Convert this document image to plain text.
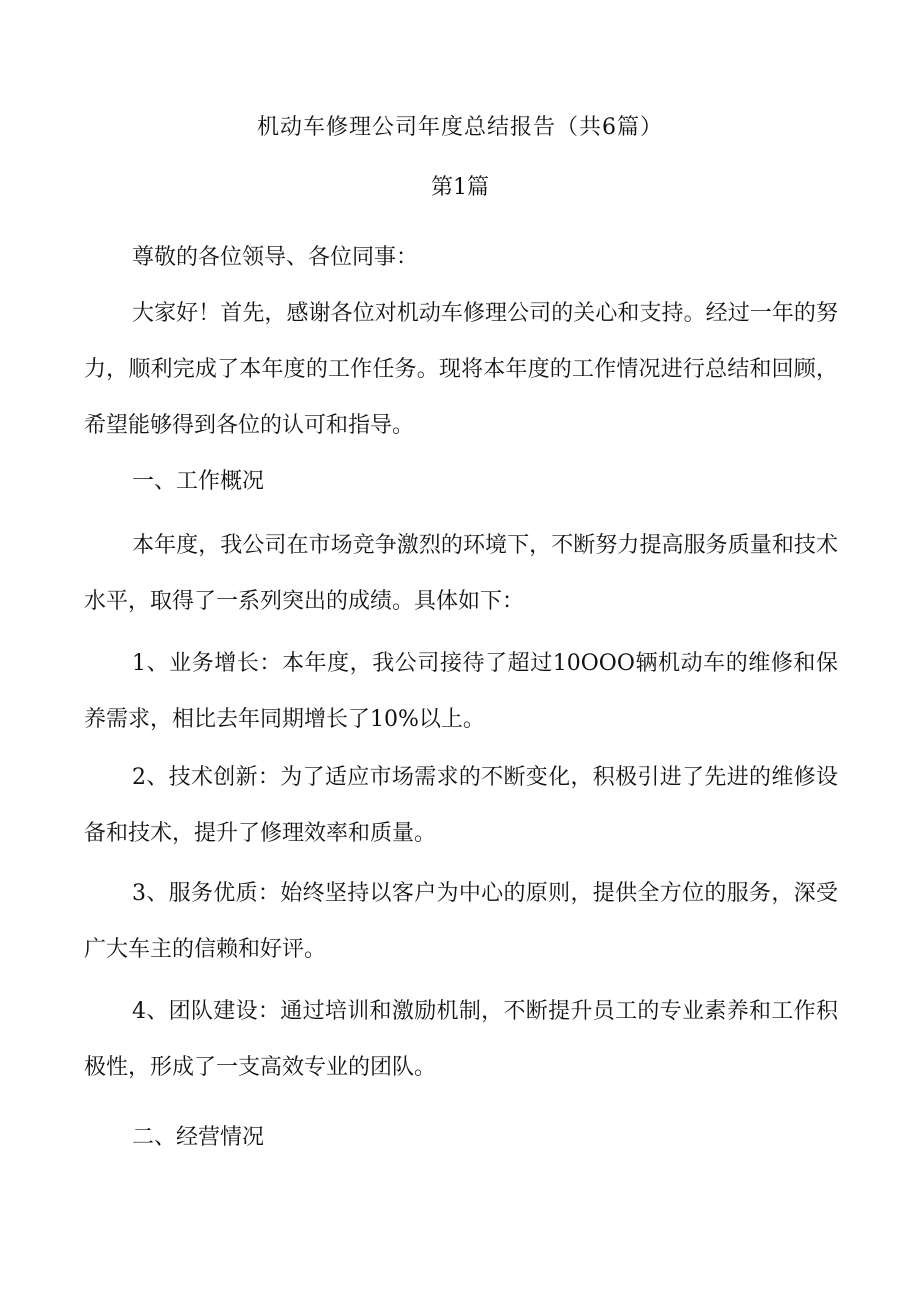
机动车修理公司年度总结报告（共6篇）
第1篇
尊敬的各位领导、各位同事：
大家好！首先，感谢各位对机动车修理公司的关心和支持。经过一年的努力，顺利完成了本年度的工作任务。现将本年度的工作情况进行总结和回顾，希望能够得到各位的认可和指导。
一、工作概况
本年度，我公司在市场竞争激烈的环境下，不断努力提高服务质量和技术水平，取得了一系列突出的成绩。具体如下：
1、业务增长：本年度，我公司接待了超过10OOO辆机动车的维修和保养需求，相比去年同期增长了10%以上。
2、技术创新：为了适应市场需求的不断变化，积极引进了先进的维修设备和技术，提升了修理效率和质量。
3、服务优质：始终坚持以客户为中心的原则，提供全方位的服务，深受广大车主的信赖和好评。
4、团队建设：通过培训和激励机制，不断提升员工的专业素养和工作积极性，形成了一支高效专业的团队。
二、经营情况
